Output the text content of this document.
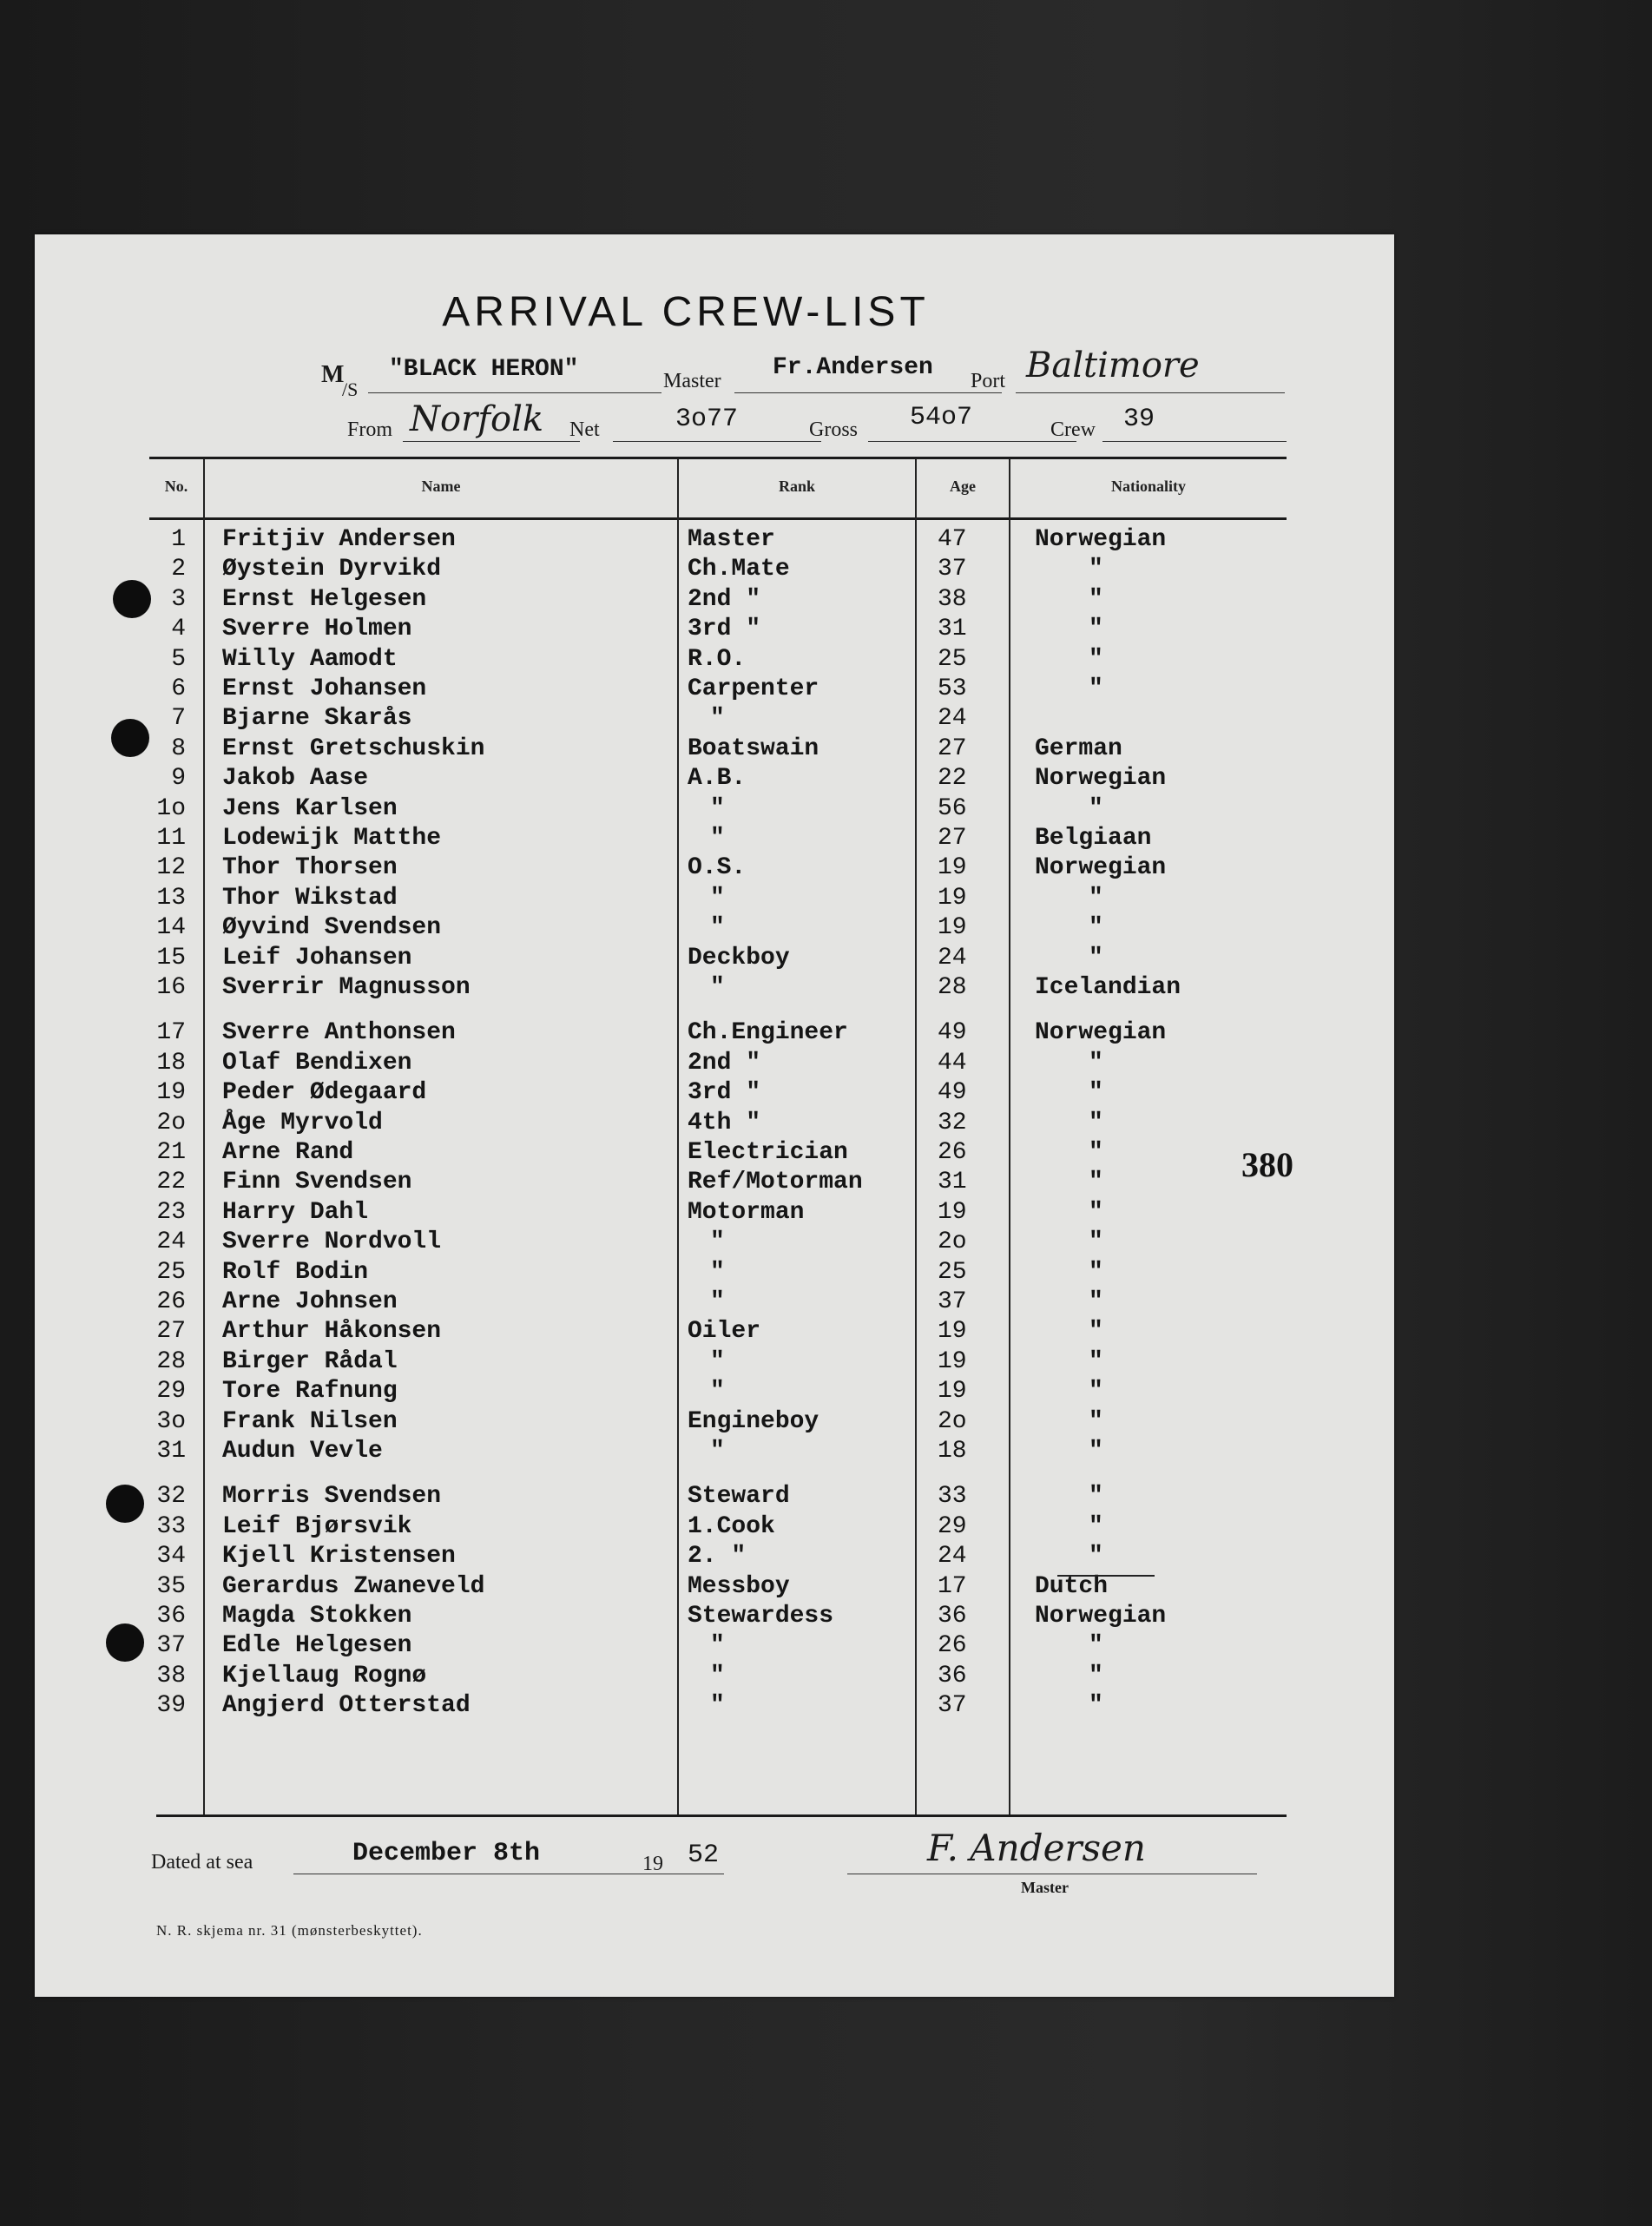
ARRIVAL CREW-LIST
M
/S
"BLACK HERON"	Master Fr.Andersen Port Baltimore
From Norfolk Net	3o77	Gross 54o7	Crew 39
No.	Name	Rank	Age	Nationality
1 Fritjiv Andersen	Master	47	Norwegian
2 Øystein Dyrvikd	Ch.Mate	37	"
3 Ernst Helgesen	2nd "	38	"
4 Sverre Holmen	3rd "	31	"
5 Willy Aamodt	R.O.	25	"
6 Ernst Johansen	Carpenter	53	"
7 Bjarne Skarås	"	24
8 Ernst Gretschuskin	Boatswain	27	German
9 Jakob Aase	A.B.	22	Norwegian
1o Jens Karlsen	"	56	"
11 Lodewijk Matthe	"	27	Belgiaan
12 Thor Thorsen	O.S.	19	Norwegian
13 Thor Wikstad	"	19	"
14 Øyvind Svendsen	"	19	"
15 Leif Johansen	Deckboy	24	"
16 Sverrir Magnusson	"	28	Icelandian
17 Sverre Anthonsen	Ch.Engineer	49	Norwegian
18 Olaf Bendixen	2nd "	44	"
19 Peder Ødegaard	3rd "	49	"
2o Åge Myrvold	4th "	32	"
21 Arne Rand	Electrician	26	"
22 Finn Svendsen	Ref/Motorman	31	"
23 Harry Dahl	Motorman	19	"
24 Sverre Nordvoll	"	2o	"
25 Rolf Bodin	"	25	"
26 Arne Johnsen	"	37	"
27 Arthur Håkonsen	Oiler	19	"
28 Birger Rådal	"	19	"
29 Tore Rafnung	"	19	"
3o Frank Nilsen	Engineboy	2o	"
31 Audun Vevle	"	18	"
32 Morris Svendsen	Steward	33	"
33 Leif Bjørsvik	1.Cook	29	"
34 Kjell Kristensen	2. "	24	"
35 Gerardus Zwaneveld	Messboy	17	Dutch
36 Magda Stokken	Stewardess	36	Norwegian
37 Edle Helgesen	"	26	"
38 Kjellaug Rognø	"	36	"
39 Angjerd Otterstad	"	37	"
Dated at sea	December 8th	19 52	F. Andersen
Master
N. R. skjema nr. 31 (mønsterbeskyttet).
380
